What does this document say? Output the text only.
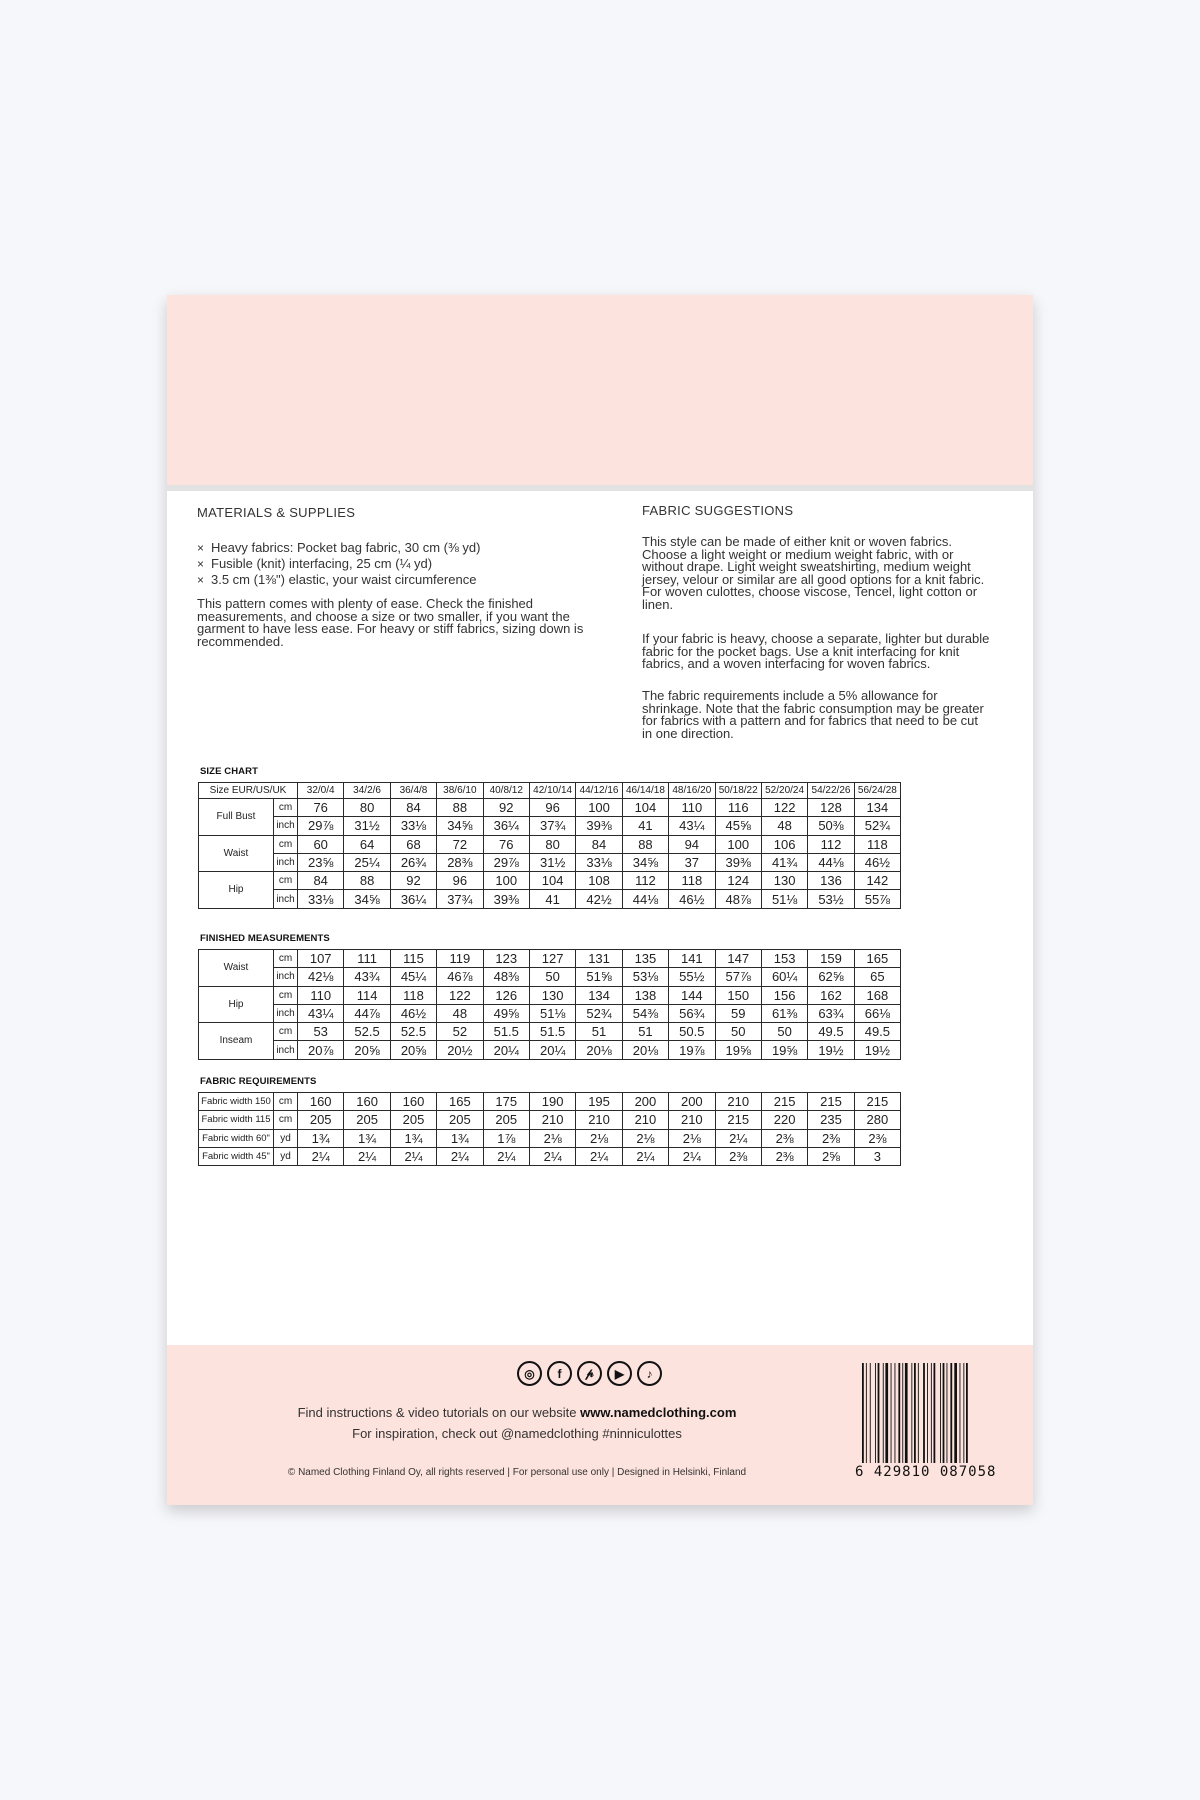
MATERIALS & SUPPLIES
× Heavy fabrics: Pocket bag fabric, 30 cm (⅜ yd)
× Fusible (knit) interfacing, 25 cm (¼ yd)
× 3.5 cm (1⅜") elastic, your waist circumference

This pattern comes with plenty of ease. Check the finished
measurements, and choose a size or two smaller, if you want the
garment to have less ease. For heavy or stiff fabrics, sizing down is
recommended.

FABRIC SUGGESTIONS

This style can be made of either knit or woven fabrics.
Choose a light weight or medium weight fabric, with or
without drape. Light weight sweatshirting, medium weight
jersey, velour or similar are all good options for a knit fabric.
For woven culottes, choose viscose, Tencel, light cotton or
linen.

If your fabric is heavy, choose a separate, lighter but durable
fabric for the pocket bags. Use a knit interfacing for knit
fabrics, and a woven interfacing for woven fabrics.

The fabric requirements include a 5% allowance for
shrinkage. Note that the fabric consumption may be greater
for fabrics with a pattern and for fabrics that need to be cut
in one direction.

SIZE CHART
Size EUR/US/UK		32/0/4	34/2/6	36/4/8	38/6/10	40/8/12	42/10/14	44/12/16	46/14/18	48/16/20	50/18/22	52/20/24	54/22/26	56/24/28
Full Bust	cm	76	80	84	88	92	96	100	104	110	116	122	128	134
	inch	29⅞	31½	33⅛	34⅝	36¼	37¾	39⅜	41	43¼	45⅝	48	50⅜	52¾
Waist	cm	60	64	68	72	76	80	84	88	94	100	106	112	118
	inch	23⅝	25¼	26¾	28⅜	29⅞	31½	33⅛	34⅝	37	39⅜	41¾	44⅛	46½
Hip	cm	84	88	92	96	100	104	108	112	118	124	130	136	142
	inch	33⅛	34⅝	36¼	37¾	39⅜	41	42½	44⅛	46½	48⅞	51⅛	53½	55⅞
FINISHED MEASUREMENTS
Waist	cm	107	111	115	119	123	127	131	135	141	147	153	159	165
	inch	42⅛	43¾	45¼	46⅞	48⅜	50	51⅝	53⅛	55½	57⅞	60¼	62⅝	65
Hip	cm	110	114	118	122	126	130	134	138	144	150	156	162	168
	inch	43¼	44⅞	46½	48	49⅝	51⅛	52¾	54⅜	56¾	59	61⅜	63¾	66⅛
Inseam	cm	53	52.5	52.5	52	51.5	51.5	51	51	50.5	50	50	49.5	49.5
	inch	20⅞	20⅝	20⅝	20½	20¼	20¼	20⅛	20⅛	19⅞	19⅝	19⅝	19½	19½
FABRIC REQUIREMENTS
Fabric width 150	cm	160	160	160	165	175	190	195	200	200	210	215	215	215
Fabric width 115	cm	205	205	205	205	205	210	210	210	210	215	220	235	280
Fabric width 60"	yd	1¾	1¾	1¾	1¾	1⅞	2⅛	2⅛	2⅛	2⅛	2¼	2⅜	2⅜	2⅜
Fabric width 45"	yd	2¼	2¼	2¼	2¼	2¼	2¼	2¼	2¼	2¼	2⅜	2⅜	2⅝	3
◎	f	𝓅	▶	♪
Find instructions & video tutorials on our website www.namedclothing.com
For inspiration, check out @namedclothing #ninniculottes
© Named Clothing Finland Oy, all rights reserved | For personal use only | Designed in Helsinki, Finland	6 429810 087058
